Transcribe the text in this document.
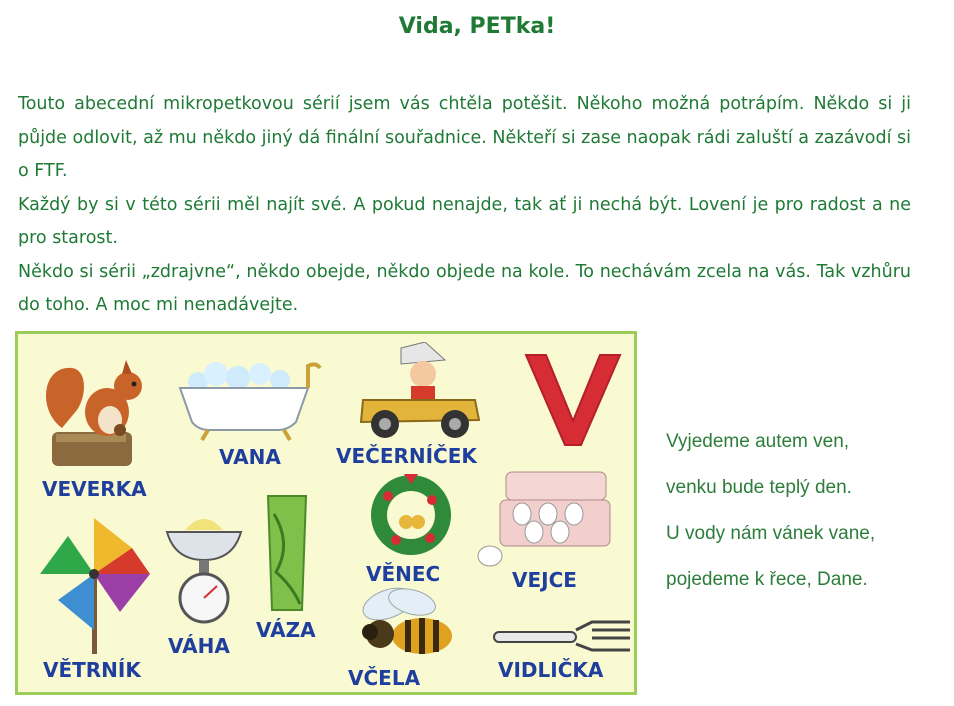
Vida, PETka!

Touto abecední mikropetkovou sérií jsem vás chtěla potěšit. Někoho možná potrápím. Někdo si ji půjde odlovit, až mu někdo jiný dá finální souřadnice. Někteří si zase naopak rádi zaluští a zazávodí si o FTF.

Každý by si v této sérii měl najít své. A pokud nenajde, tak ať ji nechá být. Lovení je pro radost a ne pro starost.

Někdo si sérii „zdrajvne“, někdo obejde, někdo objede na kole. To nechávám zcela na vás. Tak vzhůru do toho. A moc mi nenadávejte.

VEVERKA
VANA	VEČERNÍČEK
VEJCE
VĚNEC
VĚTRNÍK
VÁHA
VÁZA
VČELA	VIDLIČKA
Vyjedeme autem ven,
venku bude teplý den.
U vody nám vánek vane,
pojedeme k řece, Dane.
